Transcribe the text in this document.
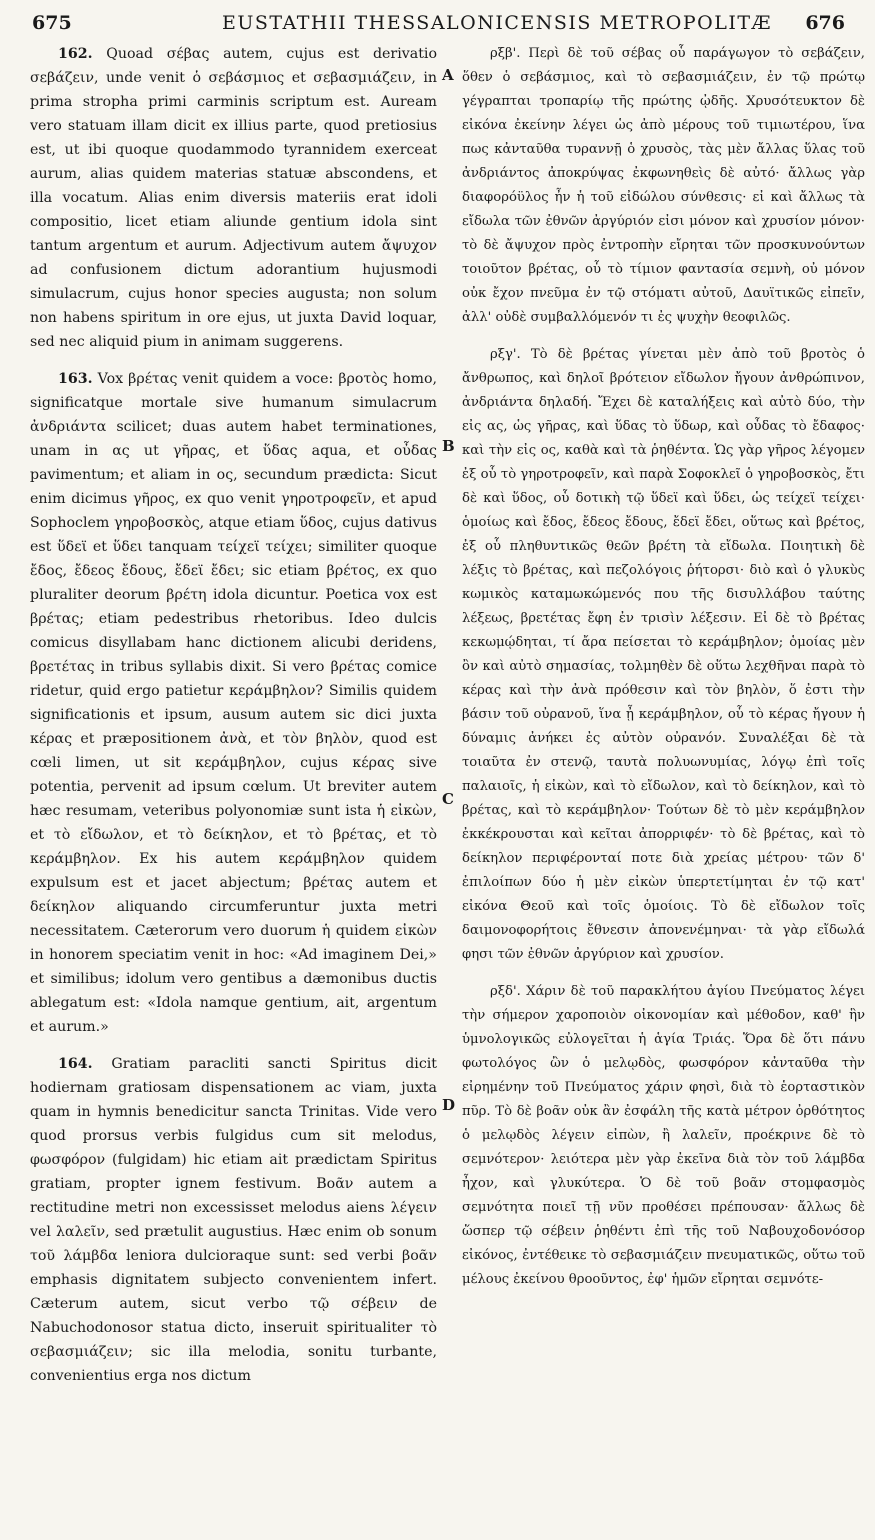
675	EUSTATHII THESSALONICENSIS METROPOLITÆ 676
A
B
C
D

162. Quoad σέβας autem, cujus est derivatio σεβάζειν, unde venit ὁ σεβάσμιος et σεβασμιάζειν, in prima stropha primi carminis scriptum est. Auream vero statuam illam dicit ex illius parte, quod pretiosius est, ut ibi quoque quodammodo tyrannidem exerceat aurum, alias quidem materias statuæ abscondens, et illa vocatum. Alias enim diversis materiis erat idoli compositio, licet etiam aliunde gentium idola sint tantum argentum et aurum. Adjectivum autem ἄψυχον ad confusionem dictum adorantium hujusmodi simulacrum, cujus honor species augusta; non solum non habens spiritum in ore ejus, ut juxta David loquar, sed nec aliquid pium in animam suggerens.

163. Vox βρέτας venit quidem a voce: βροτὸς homo, significatque mortale sive humanum simulacrum ἀνδριάντα scilicet; duas autem habet terminationes, unam in ας ut γῆρας, et ὕδας aqua, et οὖδας pavimentum; et aliam in ος, secundum prædicta: Sicut enim dicimus γῆρος, ex quo venit γηροτροφεῖν, et apud Sophoclem γηροβοσκὸς, atque etiam ὕδος, cujus dativus est ὕδεϊ et ὕδει tanquam τείχεϊ τείχει; similiter quoque ἔδος, ἔδεος ἔδους, ἔδεϊ ἔδει; sic etiam βρέτος, ex quo pluraliter deorum βρέτη idola dicuntur. Poetica vox est βρέτας; etiam pedestribus rhetoribus. Ideo dulcis comicus disyllabam hanc dictionem alicubi deridens, βρετέτας in tribus syllabis dixit. Si vero βρέτας comice ridetur, quid ergo patietur κεράμβηλον? Similis quidem significationis et ipsum, ausum autem sic dici juxta κέρας et præpositionem ἀνὰ, et τὸν βηλὸν, quod est cœli limen, ut sit κεράμβηλον, cujus κέρας sive potentia, pervenit ad ipsum cœlum. Ut breviter autem hæc resumam, veteribus polyonomiæ sunt ista ἡ εἰκὼν, et τὸ εἴδωλον, et τὸ δείκηλον, et τὸ βρέτας, et τὸ κεράμβηλον. Ex his autem κεράμβηλον quidem expulsum est et jacet abjectum; βρέτας autem et δείκηλον aliquando circumferuntur juxta metri necessitatem. Cæterorum vero duorum ἡ quidem εἰκὼν in honorem speciatim venit in hoc: «Ad imaginem Dei,» et similibus; idolum vero gentibus a dæmonibus ductis ablegatum est: «Idola namque gentium, ait, argentum et aurum.»

164. Gratiam paracliti sancti Spiritus dicit hodiernam gratiosam dispensationem ac viam, juxta quam in hymnis benedicitur sancta Trinitas. Vide vero quod prorsus verbis fulgidus cum sit melodus, φωσφόρον (fulgidam) hic etiam ait prædictam Spiritus gratiam, propter ignem festivum. Βοᾶν autem a rectitudine metri non excessisset melodus aiens λέγειν vel λαλεῖν, sed prætulit augustius. Hæc enim ob sonum τοῦ λάμβδα leniora dulcioraque sunt: sed verbi βοᾶν emphasis dignitatem subjecto convenientem infert. Cæterum autem, sicut verbo τῷ σέβειν de Nabuchodonosor statua dicto, inseruit spiritualiter τὸ σεβασμιάζειν; sic illa melodia, sonitu turbante, convenientius erga nos dictum

ρξβ'. Περὶ δὲ τοῦ σέβας οὗ παράγωγον τὸ σεβάζειν, ὅθεν ὁ σεβάσμιος, καὶ τὸ σεβασμιάζειν, ἐν τῷ πρώτῳ γέγραπται τροπαρίῳ τῆς πρώτης ᾠδῆς. Χρυσότευκτον δὲ εἰκόνα ἐκείνην λέγει ὡς ἀπὸ μέρους τοῦ τιμιωτέρου, ἵνα πως κἀνταῦθα τυραννῇ ὁ χρυσὸς, τὰς μὲν ἄλλας ὕλας τοῦ ἀνδριάντος ἀποκρύψας ἐκφωνηθεὶς δὲ αὐτό· ἄλλως γὰρ διαφορόϋλος ἦν ἡ τοῦ εἰδώλου σύνθεσις· εἰ καὶ ἄλλως τὰ εἴδωλα τῶν ἐθνῶν ἀργύριόν εἰσι μόνον καὶ χρυσίον μόνον· τὸ δὲ ἄψυχον πρὸς ἐντροπὴν εἴρηται τῶν προσκυνούντων τοιοῦτον βρέτας, οὗ τὸ τίμιον φαντασία σεμνὴ, οὐ μόνον οὐκ ἔχον πνεῦμα ἐν τῷ στόματι αὐτοῦ, Δαυϊτικῶς εἰπεῖν, ἀλλ' οὐδὲ συμβαλλόμενόν τι ἐς ψυχὴν θεοφιλῶς.

ρξγ'. Τὸ δὲ βρέτας γίνεται μὲν ἀπὸ τοῦ βροτὸς ὁ ἄνθρωπος, καὶ δηλοῖ βρότειον εἴδωλον ἤγουν ἀνθρώπινον, ἀνδριάντα δηλαδή. Ἔχει δὲ καταλήξεις καὶ αὐτὸ δύο, τὴν εἰς ας, ὡς γῆρας, καὶ ὕδας τὸ ὕδωρ, καὶ οὖδας τὸ ἔδαφος· καὶ τὴν εἰς ος, καθὰ καὶ τὰ ῥηθέντα. Ὡς γὰρ γῆρος λέγομεν ἐξ οὗ τὸ γηροτροφεῖν, καὶ παρὰ Σοφοκλεῖ ὁ γηροβοσκὸς, ἔτι δὲ καὶ ὕδος, οὗ δοτικὴ τῷ ὕδεϊ καὶ ὕδει, ὡς τείχεϊ τείχει· ὁμοίως καὶ ἔδος, ἔδεος ἔδους, ἔδεϊ ἔδει, οὕτως καὶ βρέτος, ἐξ οὗ πληθυντικῶς θεῶν βρέτη τὰ εἴδωλα. Ποιητικὴ δὲ λέξις τὸ βρέτας, καὶ πεζολόγοις ῥήτορσι· διὸ καὶ ὁ γλυκὺς κωμικὸς καταμωκώμενός που τῆς δισυλλάβου ταύτης λέξεως, βρετέτας ἔφη ἐν τρισὶν λέξεσιν. Εἰ δὲ τὸ βρέτας κεκωμῴδηται, τί ἄρα πείσεται τὸ κεράμβηλον; ὁμοίας μὲν ὂν καὶ αὐτὸ σημασίας, τολμηθὲν δὲ οὕτω λεχθῆναι παρὰ τὸ κέρας καὶ τὴν ἀνὰ πρόθεσιν καὶ τὸν βηλὸν, ὅ ἐστι τὴν βάσιν τοῦ οὐρανοῦ, ἵνα ᾖ κεράμβηλον, οὗ τὸ κέρας ἤγουν ἡ δύναμις ἀνήκει ἐς αὐτὸν οὐρανόν. Συναλέξαι δὲ τὰ τοιαῦτα ἐν στενῷ, ταυτὰ πολυωνυμίας, λόγῳ ἐπὶ τοῖς παλαιοῖς, ἡ εἰκὼν, καὶ τὸ εἴδωλον, καὶ τὸ δείκηλον, καὶ τὸ βρέτας, καὶ τὸ κεράμβηλον· Τούτων δὲ τὸ μὲν κεράμβηλον ἐκκέκρουσται καὶ κεῖται ἀπορριφέν· τὸ δὲ βρέτας, καὶ τὸ δείκηλον περιφέρονταί ποτε διὰ χρείας μέτρου· τῶν δ' ἐπιλοίπων δύο ἡ μὲν εἰκὼν ὑπερτετίμηται ἐν τῷ κατ' εἰκόνα Θεοῦ καὶ τοῖς ὁμοίοις. Τὸ δὲ εἴδωλον τοῖς δαιμονοφορήτοις ἔθνεσιν ἀπονενέμηναι· τὰ γὰρ εἴδωλά φησι τῶν ἐθνῶν ἀργύριον καὶ χρυσίον.

ρξδ'. Χάριν δὲ τοῦ παρακλήτου ἁγίου Πνεύματος λέγει τὴν σήμερον χαροποιὸν οἰκονομίαν καὶ μέθοδον, καθ' ἣν ὑμνολογικῶς εὐλογεῖται ἡ ἁγία Τριάς. Ὅρα δὲ ὅτι πάνυ φωτολόγος ὢν ὁ μελῳδὸς, φωσφόρον κἀνταῦθα τὴν εἰρημένην τοῦ Πνεύματος χάριν φησὶ, διὰ τὸ ἑορταστικὸν πῦρ. Τὸ δὲ βοᾶν οὐκ ἂν ἐσφάλη τῆς κατὰ μέτρον ὀρθότητος ὁ μελῳδὸς λέγειν εἰπὼν, ἢ λαλεῖν, προέκρινε δὲ τὸ σεμνότερον· λειότερα μὲν γὰρ ἐκεῖνα διὰ τὸν τοῦ λάμβδα ἦχον, καὶ γλυκύτερα. Ὁ δὲ τοῦ βοᾶν στομφασμὸς σεμνότητα ποιεῖ τῇ νῦν προθέσει πρέπουσαν· ἄλλως δὲ ὥσπερ τῷ σέβειν ῥηθέντι ἐπὶ τῆς τοῦ Ναβουχοδονόσορ εἰκόνος, ἐντέθεικε τὸ σεβασμιάζειν πνευματικῶς, οὕτω τοῦ μέλους ἐκείνου θρooῦντος, ἐφ' ἡμῶν εἴρηται σεμνότε-
